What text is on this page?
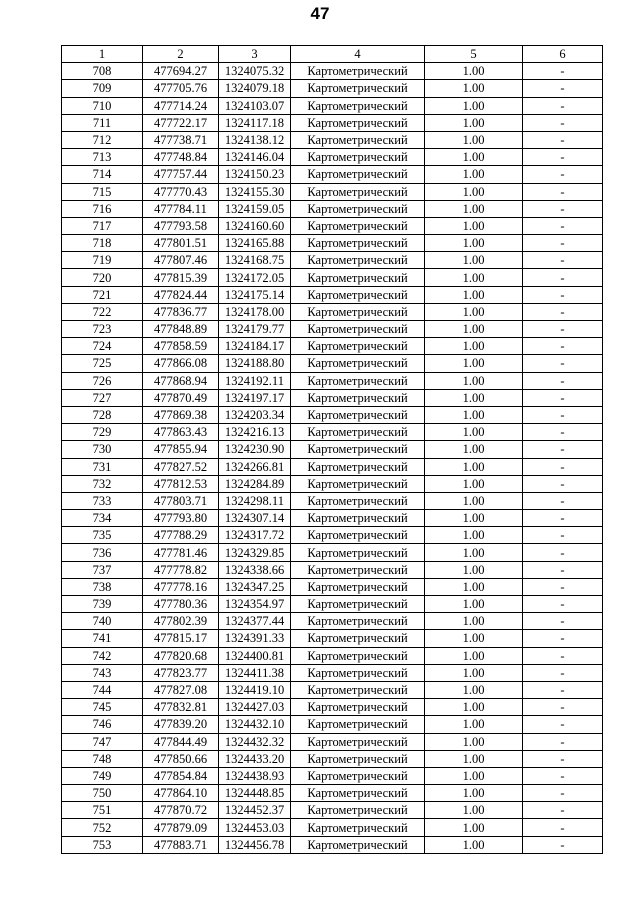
47
1	2	3	4	5	6
708	477694.27	1324075.32	Картометрический	1.00	-
709	477705.76	1324079.18	Картометрический	1.00	-
710	477714.24	1324103.07	Картометрический	1.00	-
711	477722.17	1324117.18	Картометрический	1.00	-
712	477738.71	1324138.12	Картометрический	1.00	-
713	477748.84	1324146.04	Картометрический	1.00	-
714	477757.44	1324150.23	Картометрический	1.00	-
715	477770.43	1324155.30	Картометрический	1.00	-
716	477784.11	1324159.05	Картометрический	1.00	-
717	477793.58	1324160.60	Картометрический	1.00	-
718	477801.51	1324165.88	Картометрический	1.00	-
719	477807.46	1324168.75	Картометрический	1.00	-
720	477815.39	1324172.05	Картометрический	1.00	-
721	477824.44	1324175.14	Картометрический	1.00	-
722	477836.77	1324178.00	Картометрический	1.00	-
723	477848.89	1324179.77	Картометрический	1.00	-
724	477858.59	1324184.17	Картометрический	1.00	-
725	477866.08	1324188.80	Картометрический	1.00	-
726	477868.94	1324192.11	Картометрический	1.00	-
727	477870.49	1324197.17	Картометрический	1.00	-
728	477869.38	1324203.34	Картометрический	1.00	-
729	477863.43	1324216.13	Картометрический	1.00	-
730	477855.94	1324230.90	Картометрический	1.00	-
731	477827.52	1324266.81	Картометрический	1.00	-
732	477812.53	1324284.89	Картометрический	1.00	-
733	477803.71	1324298.11	Картометрический	1.00	-
734	477793.80	1324307.14	Картометрический	1.00	-
735	477788.29	1324317.72	Картометрический	1.00	-
736	477781.46	1324329.85	Картометрический	1.00	-
737	477778.82	1324338.66	Картометрический	1.00	-
738	477778.16	1324347.25	Картометрический	1.00	-
739	477780.36	1324354.97	Картометрический	1.00	-
740	477802.39	1324377.44	Картометрический	1.00	-
741	477815.17	1324391.33	Картометрический	1.00	-
742	477820.68	1324400.81	Картометрический	1.00	-
743	477823.77	1324411.38	Картометрический	1.00	-
744	477827.08	1324419.10	Картометрический	1.00	-
745	477832.81	1324427.03	Картометрический	1.00	-
746	477839.20	1324432.10	Картометрический	1.00	-
747	477844.49	1324432.32	Картометрический	1.00	-
748	477850.66	1324433.20	Картометрический	1.00	-
749	477854.84	1324438.93	Картометрический	1.00	-
750	477864.10	1324448.85	Картометрический	1.00	-
751	477870.72	1324452.37	Картометрический	1.00	-
752	477879.09	1324453.03	Картометрический	1.00	-
753	477883.71	1324456.78	Картометрический	1.00	-
